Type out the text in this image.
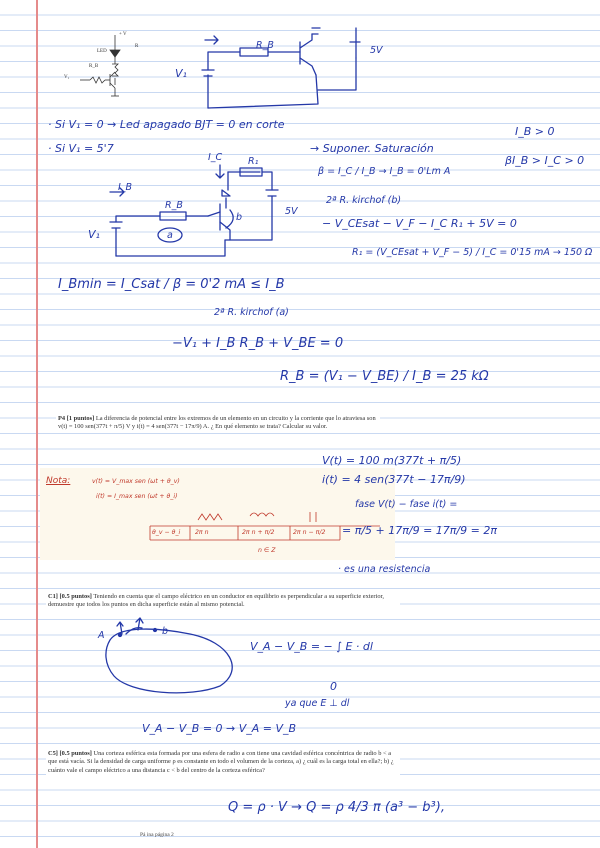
+ V
LED
R
R_B
V₁
R_B
V₁
5V
· Si V₁ = 0 → Led apagado BJT = 0 en corte
· Si V₁ = 5'7	→ Suponer. Saturación
I_B > 0
βI_B > I_C > 0
β = I_C / I_B → I_B = 0'Lm A
I_C	R₁
I_B
R_B
V₁
5V
a
b
2ª R. kirchof (b)
− V_CEsat − V_F − I_C R₁ + 5V = 0
R₁ = (V_CEsat + V_F − 5) / I_C = 0'15 mA → 150 Ω
I_Bmin = I_Csat / β = 0'2 mA ≤ I_B
2ª R. kirchof (a)
−V₁ + I_B R_B + V_BE = 0
R_B = (V₁ − V_BE) / I_B = 25 kΩ
P4 [1 puntos] La diferencia de potencial entre los extremos de un elemento en un circuito y la corriente que lo atraviesa son v(t) = 100 sen(377t + π/5) V y i(t) = 4 sen(377t − 17π/9) A. ¿ En qué elemento se trata? Calcular su valor.
Nota:	v(t) = V_max sen (ωt + θ_v)
i(t) = I_max sen (ωt + θ_i)
θ_v − θ_i 2π n	2π n + π/2	2π n − π/2
n ∈ Z
V(t) = 100 m(377t + π/5)
i(t) = 4 sen(377t − 17π/9)
fase V(t) − fase i(t) =
= π/5 + 17π/9 = 17π/9 = 2π
· es una resistencia
C1] [0.5 puntos] Teniendo en cuenta que el campo eléctrico en un conductor en equilibrio es perpendicular a su superficie exterior, demuestre que todos los puntos en dicha superficie están al mismo potencial.
A	b
V_A − V_B = − ∫ E · dl
0
ya que E ⊥ dl
V_A − V_B = 0 → V_A = V_B
C5] [0.5 puntos] Una corteza esférica esta formada por una esfera de radio a con tiene una cavidad esférica concéntrica de radio b < a que está vacía. Si la densidad de carga uniforme ρ es constante en todo el volumen de la corteza, a) ¿ cuál es la carga total en ella?; b) ¿ cuánto vale el campo eléctrico a una distancia c < b del centro de la corteza esférica?
Q = ρ · V → Q = ρ 4/3 π (a³ − b³),
Pá ina página 2
